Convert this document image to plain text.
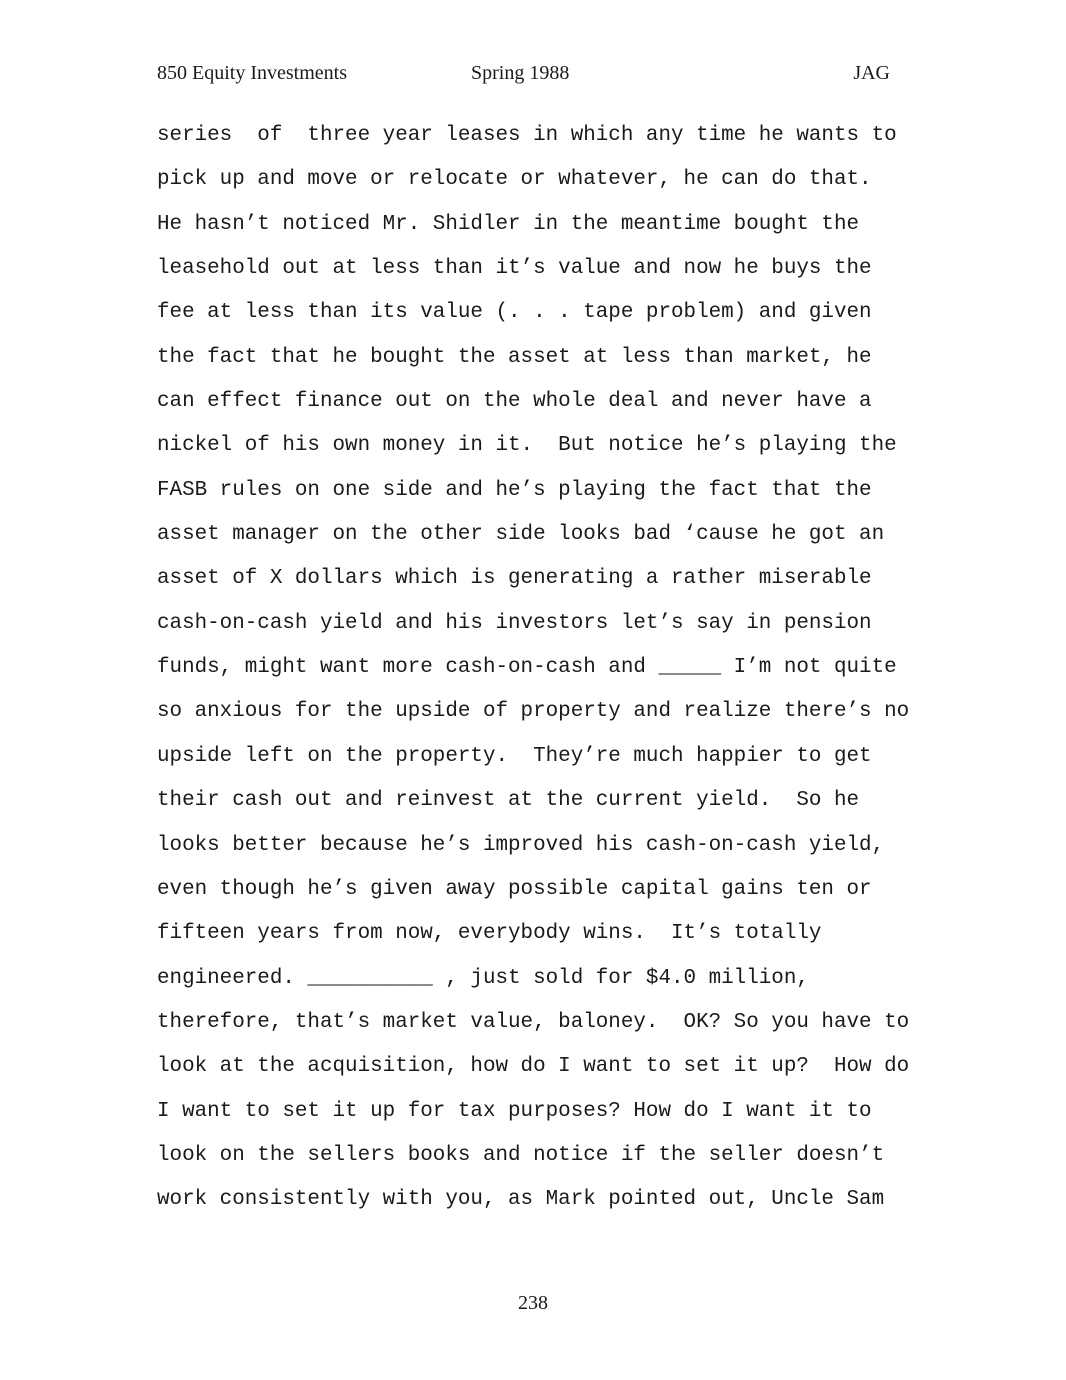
850 Equity Investments	Spring 1988	JAG
series  of  three year leases in which any time he wants to
pick up and move or relocate or whatever, he can do that.
He hasn’t noticed Mr. Shidler in the meantime bought the
leasehold out at less than it’s value and now he buys the
fee at less than its value (. . . tape problem) and given
the fact that he bought the asset at less than market, he
can effect finance out on the whole deal and never have a
nickel of his own money in it.  But notice he’s playing the
FASB rules on one side and he’s playing the fact that the
asset manager on the other side looks bad ‘cause he got an
asset of X dollars which is generating a rather miserable
cash-on-cash yield and his investors let’s say in pension
funds, might want more cash-on-cash and _____ I’m not quite
so anxious for the upside of property and realize there’s no
upside left on the property.  They’re much happier to get
their cash out and reinvest at the current yield.  So he
looks better because he’s improved his cash-on-cash yield,
even though he’s given away possible capital gains ten or
fifteen years from now, everybody wins.  It’s totally
engineered. __________ , just sold for $4.0 million,
therefore, that’s market value, baloney.  OK? So you have to
look at the acquisition, how do I want to set it up?  How do
I want to set it up for tax purposes? How do I want it to
look on the sellers books and notice if the seller doesn’t
work consistently with you, as Mark pointed out, Uncle Sam
238
